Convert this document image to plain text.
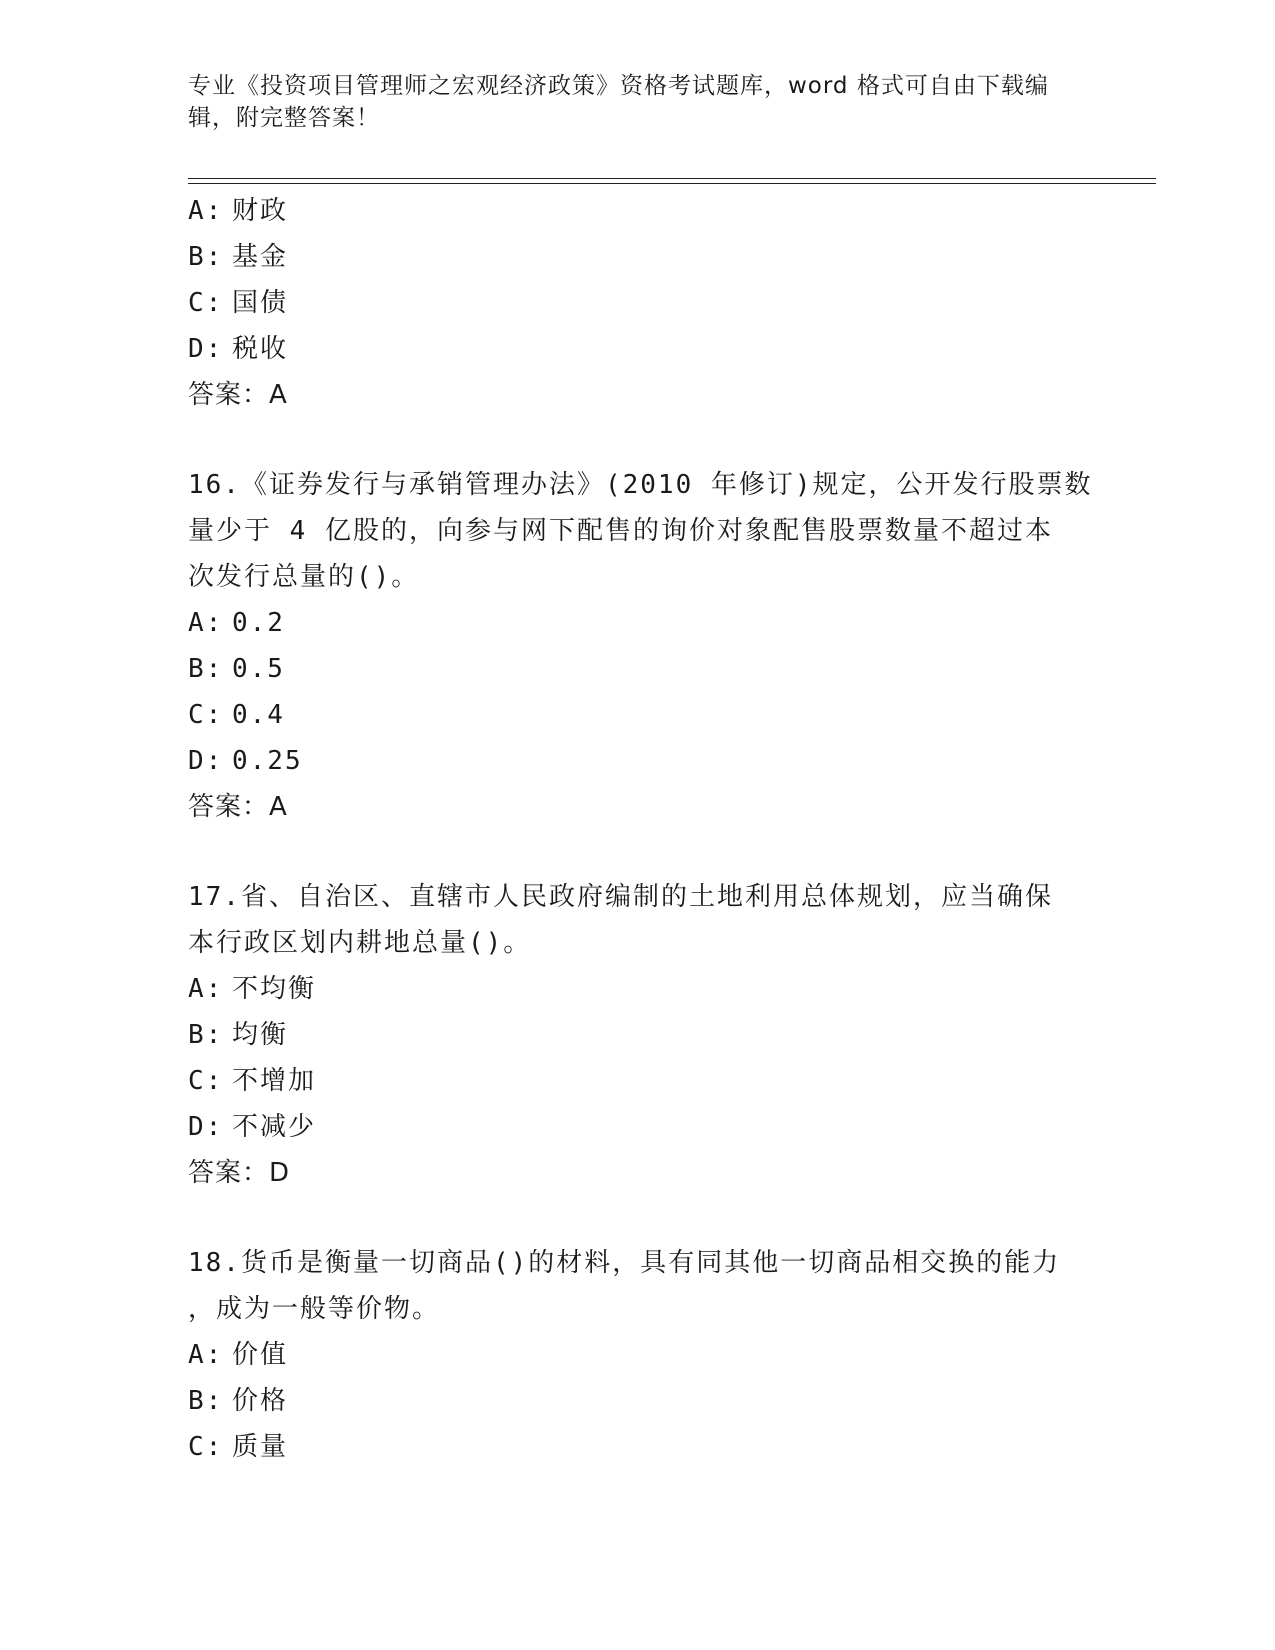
专业《投资项目管理师之宏观经济政策》资格考试题库，word 格式可自由下载编
辑，附完整答案！
A: 财政
B: 基金
C: 国债
D: 税收
答案：A
16.《证券发行与承销管理办法》(2010 年修订)规定，公开发行股票数
量少于 4 亿股的，向参与网下配售的询价对象配售股票数量不超过本
次发行总量的()。
A: 0.2
B: 0.5
C: 0.4
D: 0.25
答案：A
17.省、自治区、直辖市人民政府编制的土地利用总体规划，应当确保
本行政区划内耕地总量()。
A: 不均衡
B: 均衡
C: 不增加
D: 不减少
答案：D
18.货币是衡量一切商品()的材料，具有同其他一切商品相交换的能力
，成为一般等价物。
A: 价值
B: 价格
C: 质量
